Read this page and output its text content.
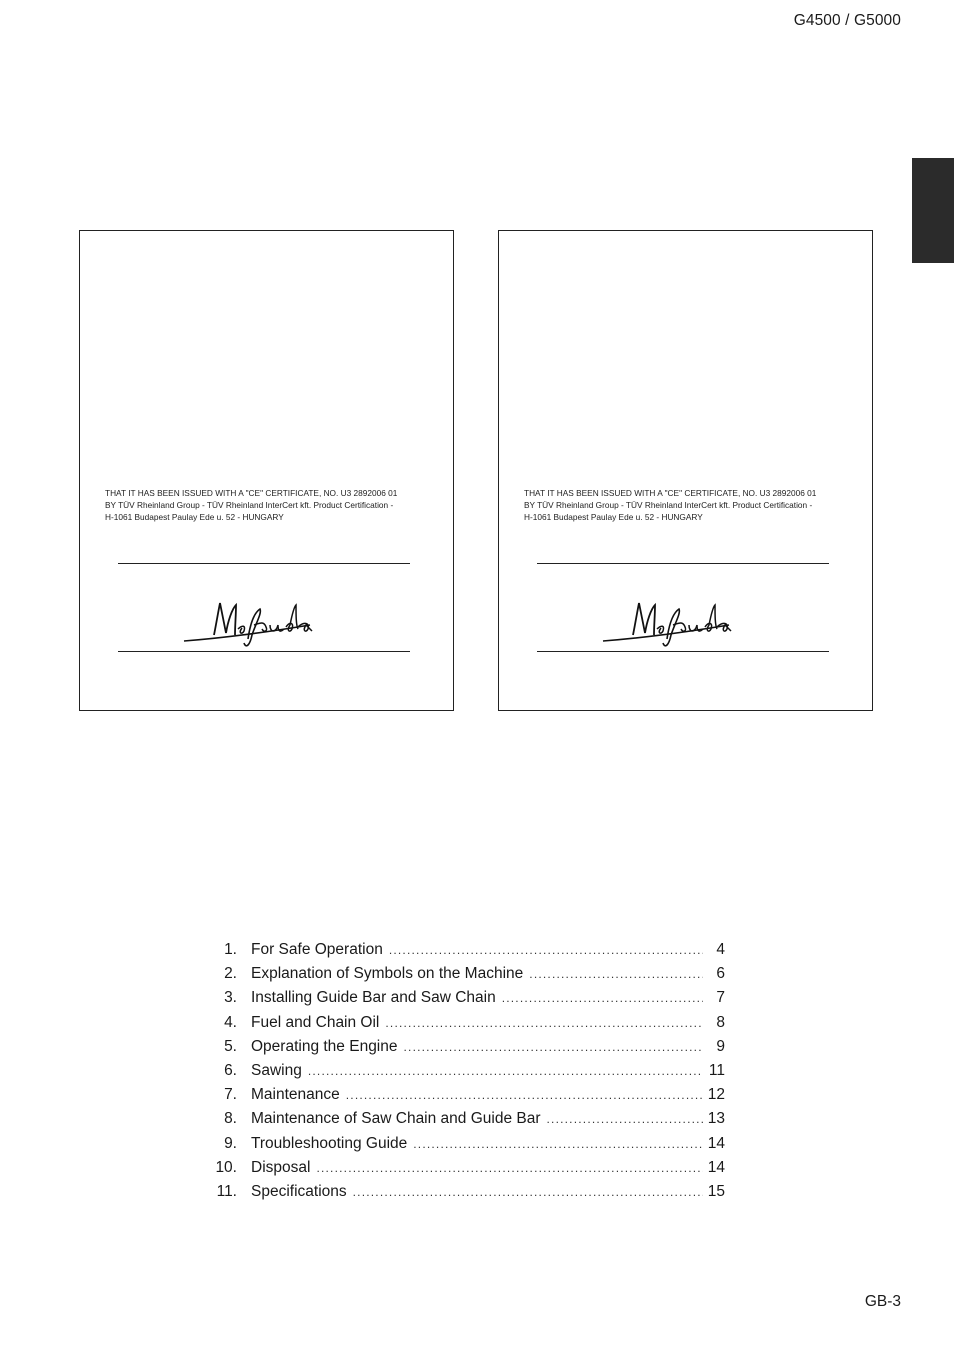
G4500 / G5000
THAT IT HAS BEEN ISSUED WITH A "CE" CERTIFICATE, NO. U3 2892006 01
BY TÜV Rheinland Group - TÜV Rheinland InterCert kft. Product Certification -
H-1061 Budapest Paulay Ede u. 52 - HUNGARY
THAT IT HAS BEEN ISSUED WITH A "CE" CERTIFICATE, NO. U3 2892006 01
BY TÜV Rheinland Group - TÜV Rheinland InterCert kft. Product Certification -
H-1061 Budapest Paulay Ede u. 52 - HUNGARY
1. For Safe Operation .....	4
2. Explanation of Symbols on the Machine .....	6
3. Installing Guide Bar and Saw Chain .....	7
4. Fuel and Chain Oil .....	8
5. Operating the Engine .....	9
6. Sawing .....	11
7. Maintenance .....	12
8. Maintenance of Saw Chain and Guide Bar .....	13
9. Troubleshooting Guide .....	14
10. Disposal .....	14
11. Specifications .....	15
GB-3
